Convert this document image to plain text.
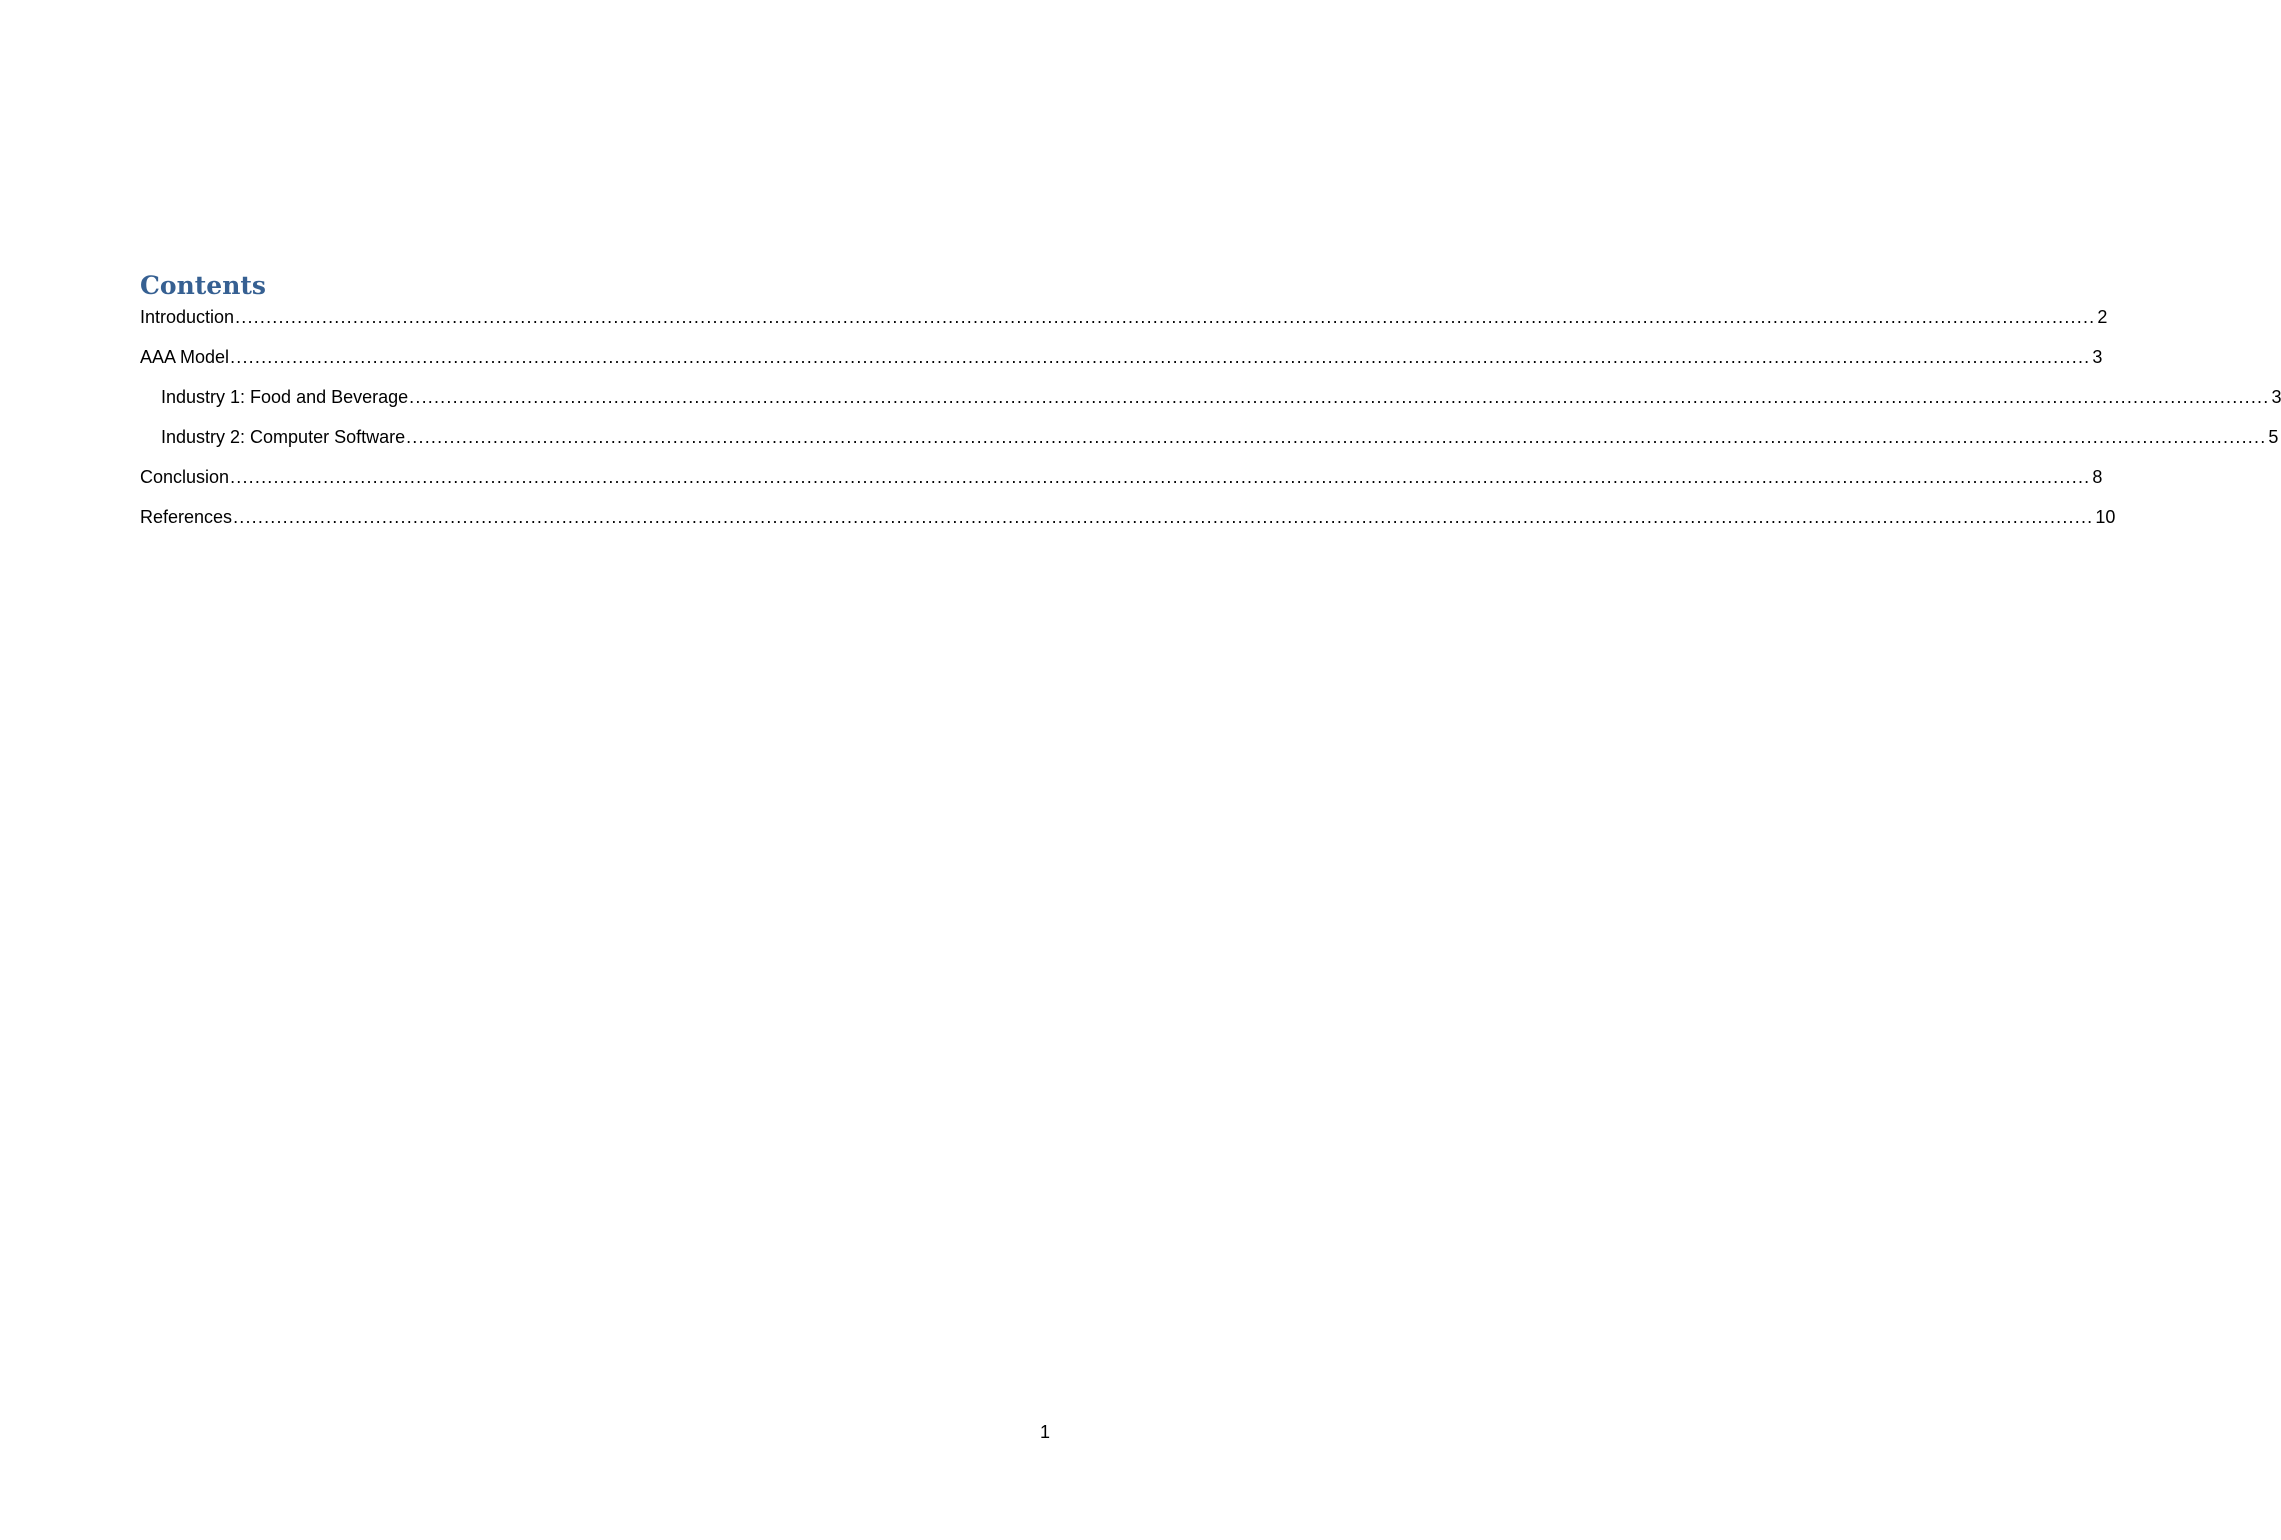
Contents
Introduction ............................................................................................................................................................................................................................................................................................................ 2
AAA Model ............................................................................................................................................................................................................................................................................................................ 3
Industry 1: Food and Beverage ............................................................................................................................................................................................................................................................................................................ 3
Industry 2: Computer Software ............................................................................................................................................................................................................................................................................................................ 5
Conclusion ............................................................................................................................................................................................................................................................................................................ 8
References ............................................................................................................................................................................................................................................................................................................ 10
1
